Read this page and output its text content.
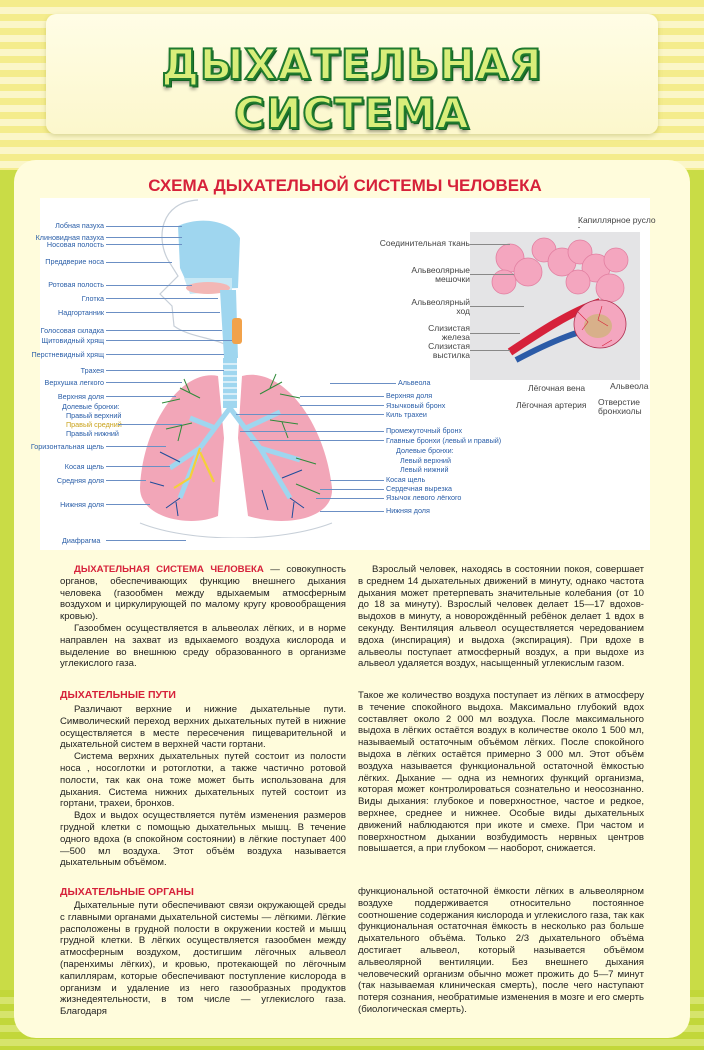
ДЫХАТЕЛЬНАЯ СИСТЕМА
СХЕМА ДЫХАТЕЛЬНОЙ СИСТЕМЫ ЧЕЛОВЕКА
Лобная пазуха
Клиновидная пазуха
Носовая полость
Преддверие носа
Ротовая полость
Глотка
Надгортанник
Голосовая складка
Щитовидный хрящ
Перстневидный хрящ
Трахея
Верхушка легкого
Верхняя доля
Долевые бронхи:
Правый верхний
Правый средний
Правый нижний
Горизонтальная щель
Косая щель
Средняя доля
Нижняя доля
Диафрагма
Альвеола
Верхняя доля
Язычковый бронх
Киль трахеи
Промежуточный бронх
Главные бронхи (левый и правый)
Долевые бронхи:
Левый верхний
Левый нижний
Косая щель
Сердечная вырезка
Язычок левого лёгкого
Нижняя доля
Капиллярное русло
Соединительная ткань
Альвеолярные
мешочки
Альвеолярный
ход
Слизистая
железа
Слизистая
выстилка
Лёгочная вена
Лёгочная артерия
Альвеола
Отверстие
бронхиолы

ДЫХАТЕЛЬНАЯ СИСТЕМА ЧЕЛОВЕКА — совокупность органов, обеспечивающих функцию внешнего дыхания человека (газообмен между вдыхаемым атмосферным воздухом и циркулирующей по малому кругу кровообращения кровью).

Газообмен осуществляется в альвеолах лёгких, и в норме направлен на захват из вдыхаемого воздуха кислорода и выделение во внешнюю среду образованного в организме углекислого газа.

Взрослый человек, находясь в состоянии покоя, совершает в среднем 14 дыхательных движений в минуту, однако частота дыхания может претерпевать значительные колебания (от 10 до 18 за минуту). Взрослый человек делает 15—17 вдохов-выдохов в минуту, а новорождённый ребёнок делает 1 вдох в секунду. Вентиляция альвеол осуществляется чередованием вдоха (инспирация) и выдоха (экспирация). При вдохе в альвеолы поступает атмосферный воздух, а при выдохе из альвеол удаляется воздух, насыщенный углекислым газом.

ДЫХАТЕЛЬНЫЕ ПУТИ

Различают верхние и нижние дыхательные пути. Символический переход верхних дыхательных путей в нижние осуществляется в месте пересечения пищеварительной и дыхательной систем в верхней части гортани.

Система верхних дыхательных путей состоит из полости носа , носоглотки и ротоглотки, а также частично ротовой полости, так как она тоже может быть использована для дыхания. Система нижних дыхательных путей состоит из гортани, трахеи, бронхов.

Вдох и выдох осуществляется путём изменения размеров грудной клетки с помощью дыхательных мышц. В течение одного вдоха (в спокойном состоянии) в лёгкие поступает 400—500 мл воздуха. Этот объём воздуха называется дыхательным объёмом.

Такое же количество воздуха поступает из лёгких в атмосферу в течение спокойного выдоха. Максимально глубокий вдох составляет около 2 000 мл воздуха. После максимального выдоха в лёгких остаётся воздух в количестве около 1 500 мл, называемый остаточным объёмом лёгких. После спокойного выдоха в лёгких остаётся примерно 3 000 мл. Этот объём воздуха называется функциональной остаточной ёмкостью лёгких. Дыхание — одна из немногих функций организма, которая может контролироваться сознательно и неосознанно. Виды дыхания: глубокое и поверхностное, частое и редкое, верхнее, среднее и нижнее. Особые виды дыхательных движений наблюдаются при икоте и смехе. При частом и поверхностном дыхании возбудимость нервных центров повышается, а при глубоком — наоборот, снижается.

ДЫХАТЕЛЬНЫЕ ОРГАНЫ

Дыхательные пути обеспечивают связи окружающей среды с главными органами дыхательной системы — лёгкими. Лёгкие расположены в грудной полости в окружении костей и мышц грудной клетки. В лёгких осуществляется газообмен между атмосферным воздухом, достигшим лёгочных альвеол (паренхимы лёгких), и кровью, протекающей по лёгочным капиллярам, которые обеспечивают поступление кислорода в организм и удаление из него газообразных продуктов жизнедеятельности, в том числе — углекислого газа. Благодаря

функциональной остаточной ёмкости лёгких в альвеолярном воздухе поддерживается относительно постоянное соотношение содержания кислорода и углекислого газа, так как функциональная остаточная ёмкость в несколько раз больше дыхательного объёма. Только 2/3 дыхательного объёма достигает альвеол, который называется объёмом альвеолярной вентиляции. Без внешнего дыхания человеческий организм обычно может прожить до 5—7 минут (так называемая клиническая смерть), после чего наступают потеря сознания, необратимые изменения в мозге и его смерть (биологическая смерть).
